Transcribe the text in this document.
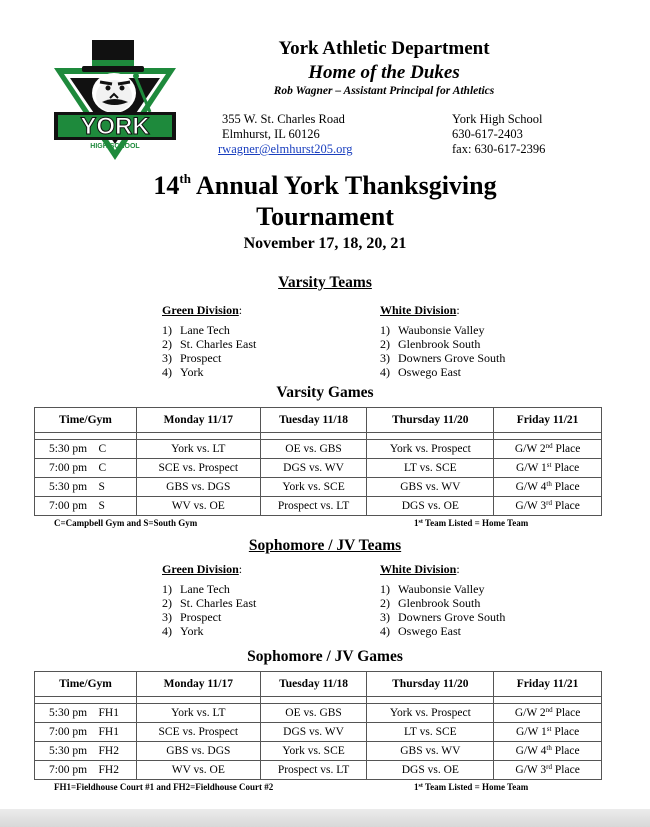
YORK
HIGH SCHOOL
York Athletic Department
Home of the Dukes
Rob Wagner – Assistant Principal for Athletics
355 W. St. Charles Road
Elmhurst, IL 60126
rwagner@elmhurst205.org
York High School
630-617-2403
fax: 630-617-2396
14th Annual York Thanksgiving
Tournament
November 17, 18, 20, 21
Varsity Teams
Green Division:
1) Lane Tech
2) St. Charles East
3) Prospect
4) York
White Division:
1) Waubonsie Valley
2) Glenbrook South
3) Downers Grove South
4) Oswego East
Varsity Games
Time/Gym	Monday 11/17	Tuesday 11/18	Thursday 11/20	Friday 11/21

5:30 pm    C	York vs. LT	OE vs. GBS	York vs. Prospect	G/W 2nd Place
7:00 pm    C	SCE vs. Prospect	DGS vs. WV	LT vs. SCE	G/W 1st Place
5:30 pm    S	GBS vs. DGS	York vs. SCE	GBS vs. WV	G/W 4th Place
7:00 pm    S	WV vs. OE	Prospect vs. LT	DGS vs. OE	G/W 3rd Place
C=Campbell Gym and S=South Gym	1st Team Listed = Home Team
Sophomore / JV Teams
Green Division:
1) Lane Tech
2) St. Charles East
3) Prospect
4) York
White Division:
1) Waubonsie Valley
2) Glenbrook South
3) Downers Grove South
4) Oswego East
Sophomore / JV Games
Time/Gym	Monday 11/17	Tuesday 11/18	Thursday 11/20	Friday 11/21

5:30 pm    FH1	York vs. LT	OE vs. GBS	York vs. Prospect	G/W 2nd Place
7:00 pm    FH1	SCE vs. Prospect	DGS vs. WV	LT vs. SCE	G/W 1st Place
5:30 pm    FH2	GBS vs. DGS	York vs. SCE	GBS vs. WV	G/W 4th Place
7:00 pm    FH2	WV vs. OE	Prospect vs. LT	DGS vs. OE	G/W 3rd Place
FH1=Fieldhouse Court #1 and FH2=Fieldhouse Court #2	1st Team Listed = Home Team
